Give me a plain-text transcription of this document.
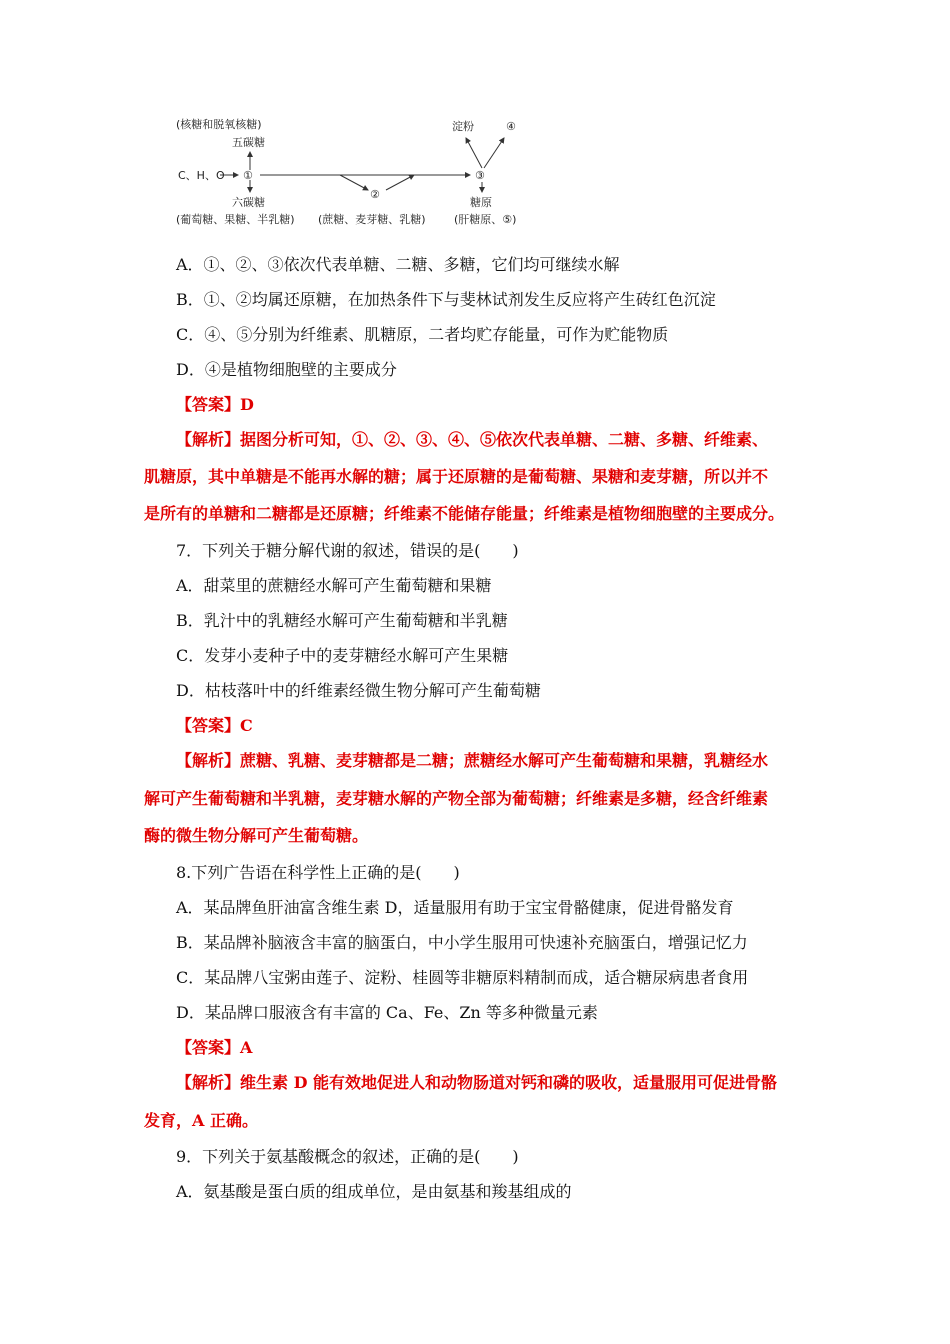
(核糖和脱氧核糖)
五碳糖
C、H、O ①
六碳糖
(葡萄糖、果糖、半乳糖)
②
(蔗糖、麦芽糖、乳糖)
③
淀粉	④
糖原
(肝糖原、⑤)
A．①、②、③依次代表单糖、二糖、多糖，它们均可继续水解
B．①、②均属还原糖，在加热条件下与斐林试剂发生反应将产生砖红色沉淀
C．④、⑤分别为纤维素、肌糖原，二者均贮存能量，可作为贮能物质
D．④是植物细胞壁的主要成分
【答案】D
【解析】据图分析可知，①、②、③、④、⑤依次代表单糖、二糖、多糖、纤维素、
肌糖原，其中单糖是不能再水解的糖；属于还原糖的是葡萄糖、果糖和麦芽糖，所以并不
是所有的单糖和二糖都是还原糖；纤维素不能储存能量；纤维素是植物细胞壁的主要成分。
7．下列关于糖分解代谢的叙述，错误的是(　　)
A．甜菜里的蔗糖经水解可产生葡萄糖和果糖
B．乳汁中的乳糖经水解可产生葡萄糖和半乳糖
C．发芽小麦种子中的麦芽糖经水解可产生果糖
D．枯枝落叶中的纤维素经微生物分解可产生葡萄糖
【答案】C
【解析】蔗糖、乳糖、麦芽糖都是二糖；蔗糖经水解可产生葡萄糖和果糖，乳糖经水
解可产生葡萄糖和半乳糖，麦芽糖水解的产物全部为葡萄糖；纤维素是多糖，经含纤维素
酶的微生物分解可产生葡萄糖。
8.下列广告语在科学性上正确的是(　　)
A．某品牌鱼肝油富含维生素 D，适量服用有助于宝宝骨骼健康，促进骨骼发育
B．某品牌补脑液含丰富的脑蛋白，中小学生服用可快速补充脑蛋白，增强记忆力
C．某品牌八宝粥由莲子、淀粉、桂圆等非糖原料精制而成，适合糖尿病患者食用
D．某品牌口服液含有丰富的 Ca、Fe、Zn 等多种微量元素
【答案】A
【解析】维生素 D 能有效地促进人和动物肠道对钙和磷的吸收，适量服用可促进骨骼
发育，A 正确。
9．下列关于氨基酸概念的叙述，正确的是(　　)
A．氨基酸是蛋白质的组成单位，是由氨基和羧基组成的
